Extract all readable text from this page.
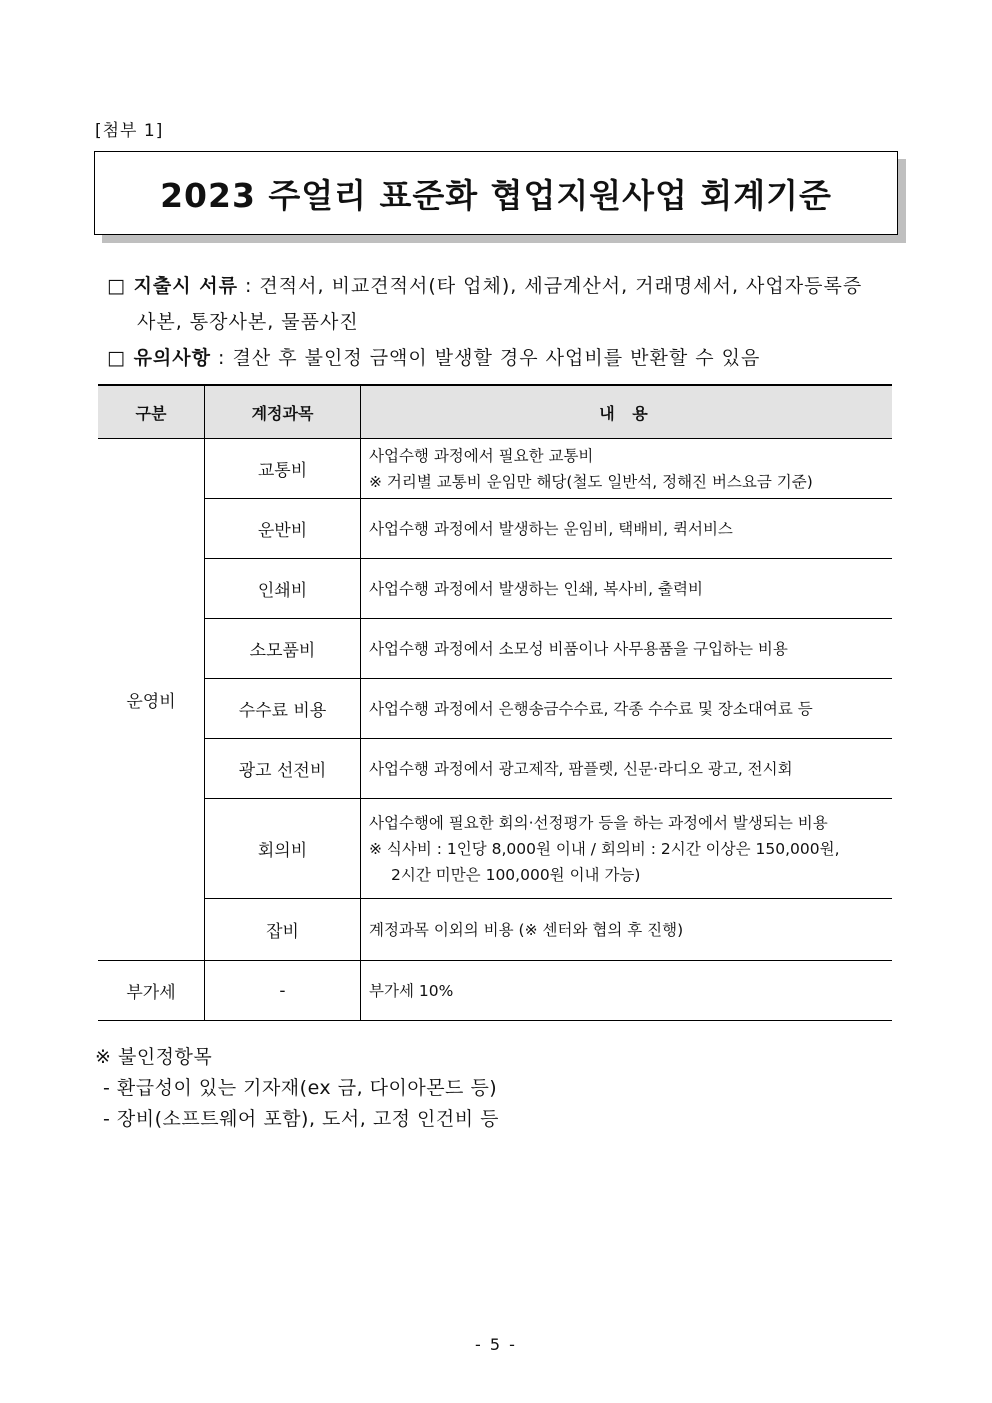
[첨부 1]
2023 주얼리 표준화 협업지원사업 회계기준
□ 지출시 서류 : 견적서, 비교견적서(타 업체), 세금계산서, 거래명세서, 사업자등록증
사본, 통장사본, 물품사진
□ 유의사항 : 결산 후 불인정 금액이 발생할 경우 사업비를 반환할 수 있음
구분	계정과목	내 용
운영비	교통비	사업수행 과정에서 필요한 교통비
※ 거리별 교통비 운임만 해당(철도 일반석, 정해진 버스요금 기준)
	운반비	사업수행 과정에서 발생하는 운임비, 택배비, 퀵서비스
	인쇄비	사업수행 과정에서 발생하는 인쇄, 복사비, 출력비
	소모품비	사업수행 과정에서 소모성 비품이나 사무용품을 구입하는 비용
	수수료 비용	사업수행 과정에서 은행송금수수료, 각종 수수료 및 장소대여료 등
	광고 선전비	사업수행 과정에서 광고제작, 팜플렛, 신문·라디오 광고, 전시회
	회의비	사업수행에 필요한 회의·선정평가 등을 하는 과정에서 발생되는 비용
※ 식사비 : 1인당 8,000원 이내 / 회의비 : 2시간 이상은 150,000원,
2시간 미만은 100,000원 이내 가능)

	잡비	계정과목 이외의 비용 (※ 센터와 협의 후 진행)
부가세	-	부가세 10%
※ 불인정항목
- 환급성이 있는 기자재(ex 금, 다이아몬드 등)
- 장비(소프트웨어 포함), 도서, 고정 인건비 등
- 5 -
